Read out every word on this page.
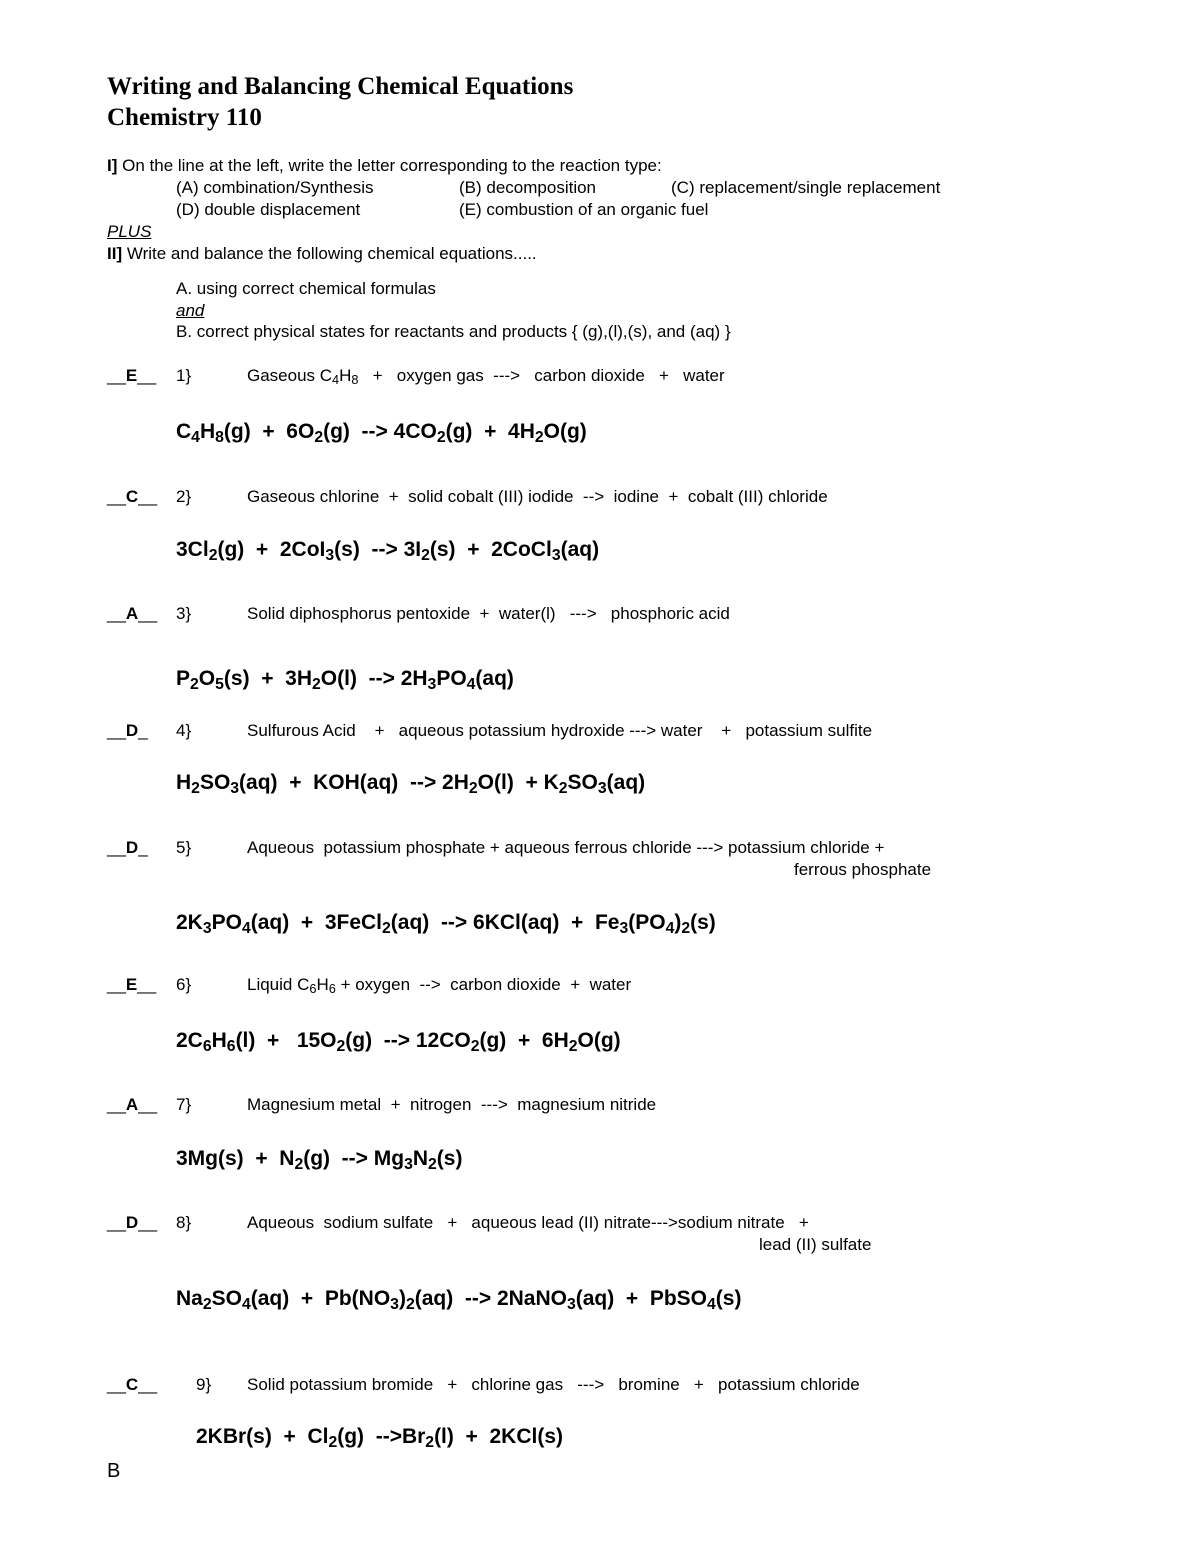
Writing and Balancing Chemical Equations
Chemistry 110
I] On the line at the left, write the letter corresponding to the reaction type:
(A) combination/Synthesis	(B) decomposition	(C) replacement/single replacement
(D) double displacement	(E) combustion of an organic fuel
PLUS
II] Write and balance the following chemical equations.....
A. using correct chemical formulas
and
B. correct physical states for reactants and products { (g),(l),(s), and (aq) }
__E__ 1}	Gaseous $C_4H_8$   +   oxygen gas  --->   carbon dioxide   +   water
$C_4H_8(g) + 6O_2(g)$  --> $4CO_2(g) + 4H_2O(g)$
__C__ 2}	Gaseous chlorine  +  solid cobalt (III) iodide  -->  iodine  +  cobalt (III) chloride
$3Cl_2(g) + 2CoI_3(s)$  --> $3I_2(s)$  +  2CoCl$_3$(aq)
__A__ 3}	Solid diphosphorus pentoxide  +  water(l)   --->   phosphoric acid
$P_2O_5(s) + 3H_2O(l)$  --> $2H_3PO_4(aq)$
__D_ 4}	Sulfurous Acid    +   aqueous potassium hydroxide ---> water    +   potassium sulfite
$H_2SO_3(aq) + KOH(aq)$  --> $2H_2O(l) + K_2SO_3(aq)$
__D_ 5}	Aqueous  potassium phosphate + aqueous ferrous chloride ---> potassium chloride +
ferrous phosphate
$2K_3PO_4(aq)$  +  3FeCl$_2$(aq)  --> $6KCl(aq) + Fe_3(PO_4)_2(s)$
__E__ 6}	Liquid $C_6H_6$ + oxygen  -->  carbon dioxide  +  water
$2C_6H_6(l) + 15O_2(g)$  --> $12CO_2(g) + 6H_2O(g)$
__A__ 7}	Magnesium metal  +  nitrogen  --->  magnesium nitride
$3Mg(s) + N_2(g)$  --> $Mg_3N_2(s)$
__D__ 8}	Aqueous  sodium sulfate   +   aqueous lead (II) nitrate--->sodium nitrate   +
lead (II) sulfate
$Na_2SO_4(aq) + Pb(NO_3)_2(aq)$  --> 2NaNO$_3$(aq)  +  PbSO$_4$(s)
__C__ 9} Solid potassium bromide   +   chlorine gas   --->   bromine   +   potassium chloride
$2KBr(s) + Cl_2(g) -->Br_2(l) + 2KCl(s)$
B
